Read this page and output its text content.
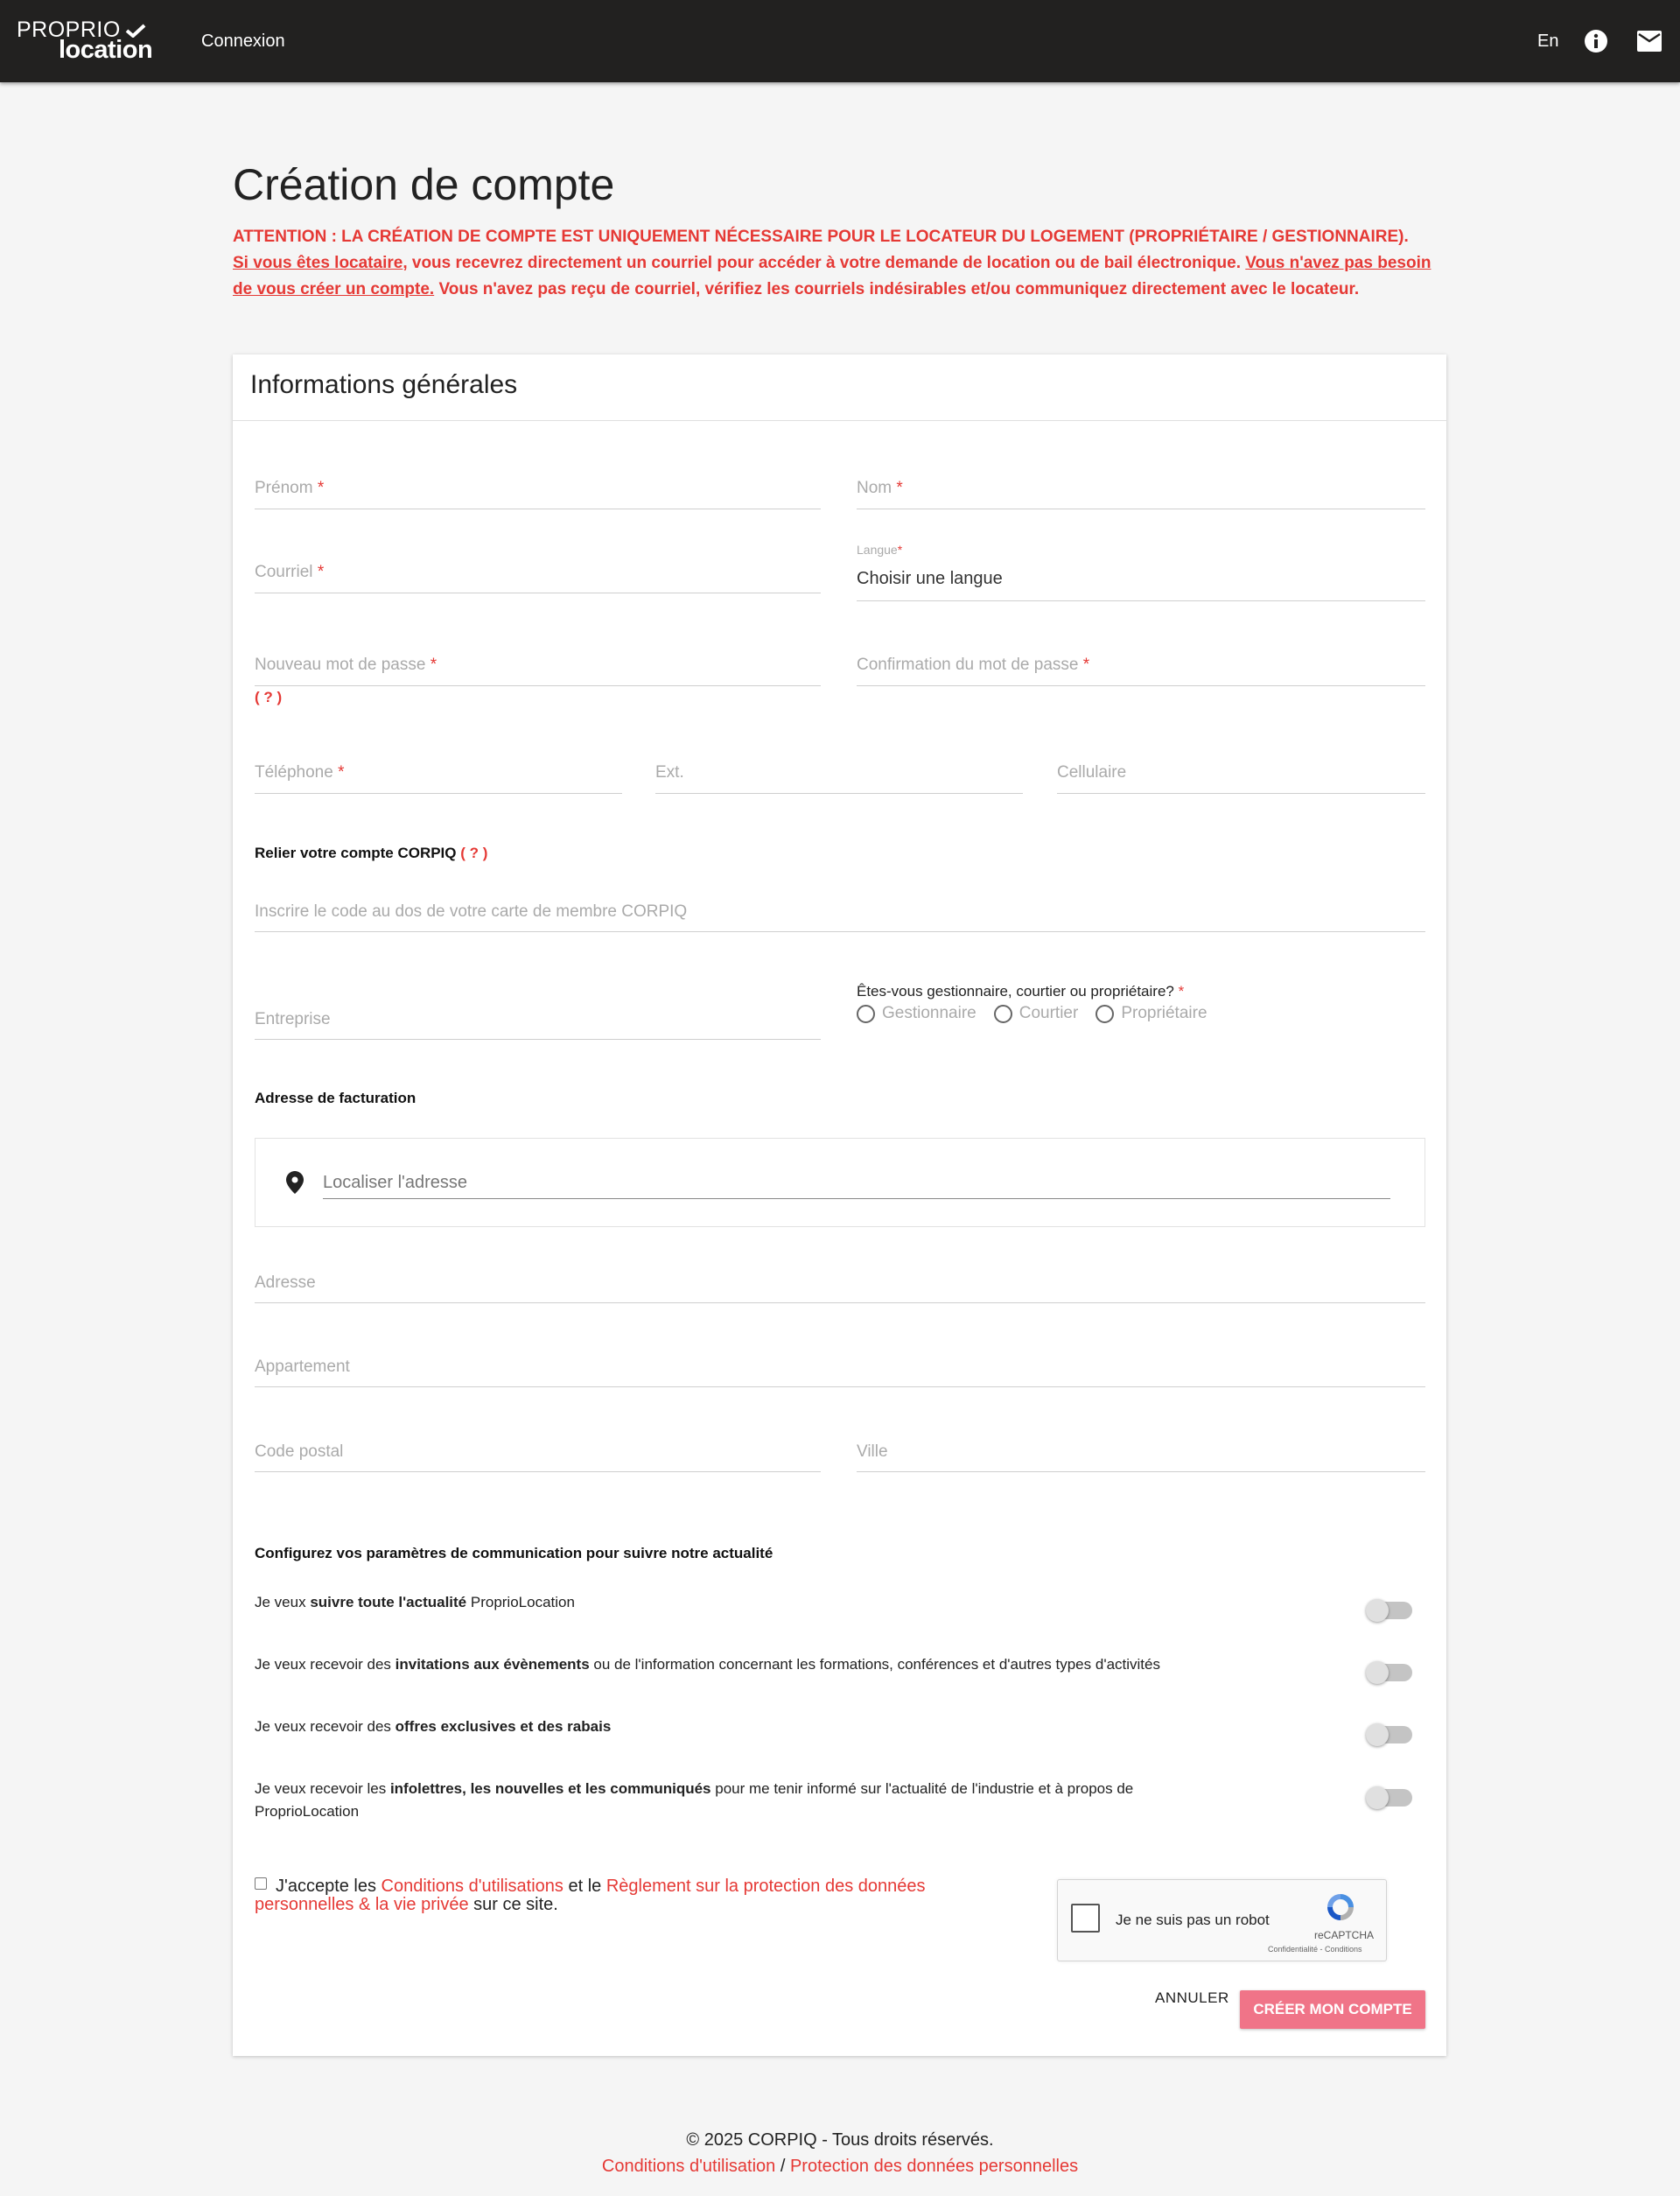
PROPRIO
location	Connexion	En
Création de compte
ATTENTION : LA CRÉATION DE COMPTE EST UNIQUEMENT NÉCESSAIRE POUR LE LOCATEUR DU LOGEMENT (PROPRIÉTAIRE / GESTIONNAIRE).
Si vous êtes locataire, vous recevrez directement un courriel pour accéder à votre demande de location ou de bail électronique. Vous n'avez pas besoin de vous créer un compte. Vous n'avez pas reçu de courriel, vérifiez les courriels indésirables et/ou communiquez directement avec le locateur.
Informations générales
Prénom *	Nom *
Courriel *
Langue*
Choisir une langue
Nouveau mot de passe *
( ? )
Confirmation du mot de passe *
Téléphone *	Ext.	Cellulaire
Relier votre compte CORPIQ ( ? )
Inscrire le code au dos de votre carte de membre CORPIQ
Entreprise
Êtes-vous gestionnaire, courtier ou propriétaire? *
Gestionnaire	Courtier	Propriétaire
Adresse de facturation
Localiser l'adresse
Adresse
Appartement
Code postal	Ville
Configurez vos paramètres de communication pour suivre notre actualité
Je veux suivre toute l'actualité ProprioLocation
Je veux recevoir des invitations aux évènements ou de l'information concernant les formations, conférences et d'autres types d'activités
Je veux recevoir des offres exclusives et des rabais
Je veux recevoir les infolettres, les nouvelles et les communiqués pour me tenir informé sur l'actualité de l'industrie et à propos de ProprioLocation
J'accepte les Conditions d'utilisations et le Règlement sur la protection des données personnelles & la vie privée sur ce site.
Je ne suis pas un robot
reCAPTCHA
Confidentialité - Conditions
ANNULER
CRÉER MON COMPTE
© 2025 CORPIQ - Tous droits réservés.
Conditions d'utilisation / Protection des données personnelles
